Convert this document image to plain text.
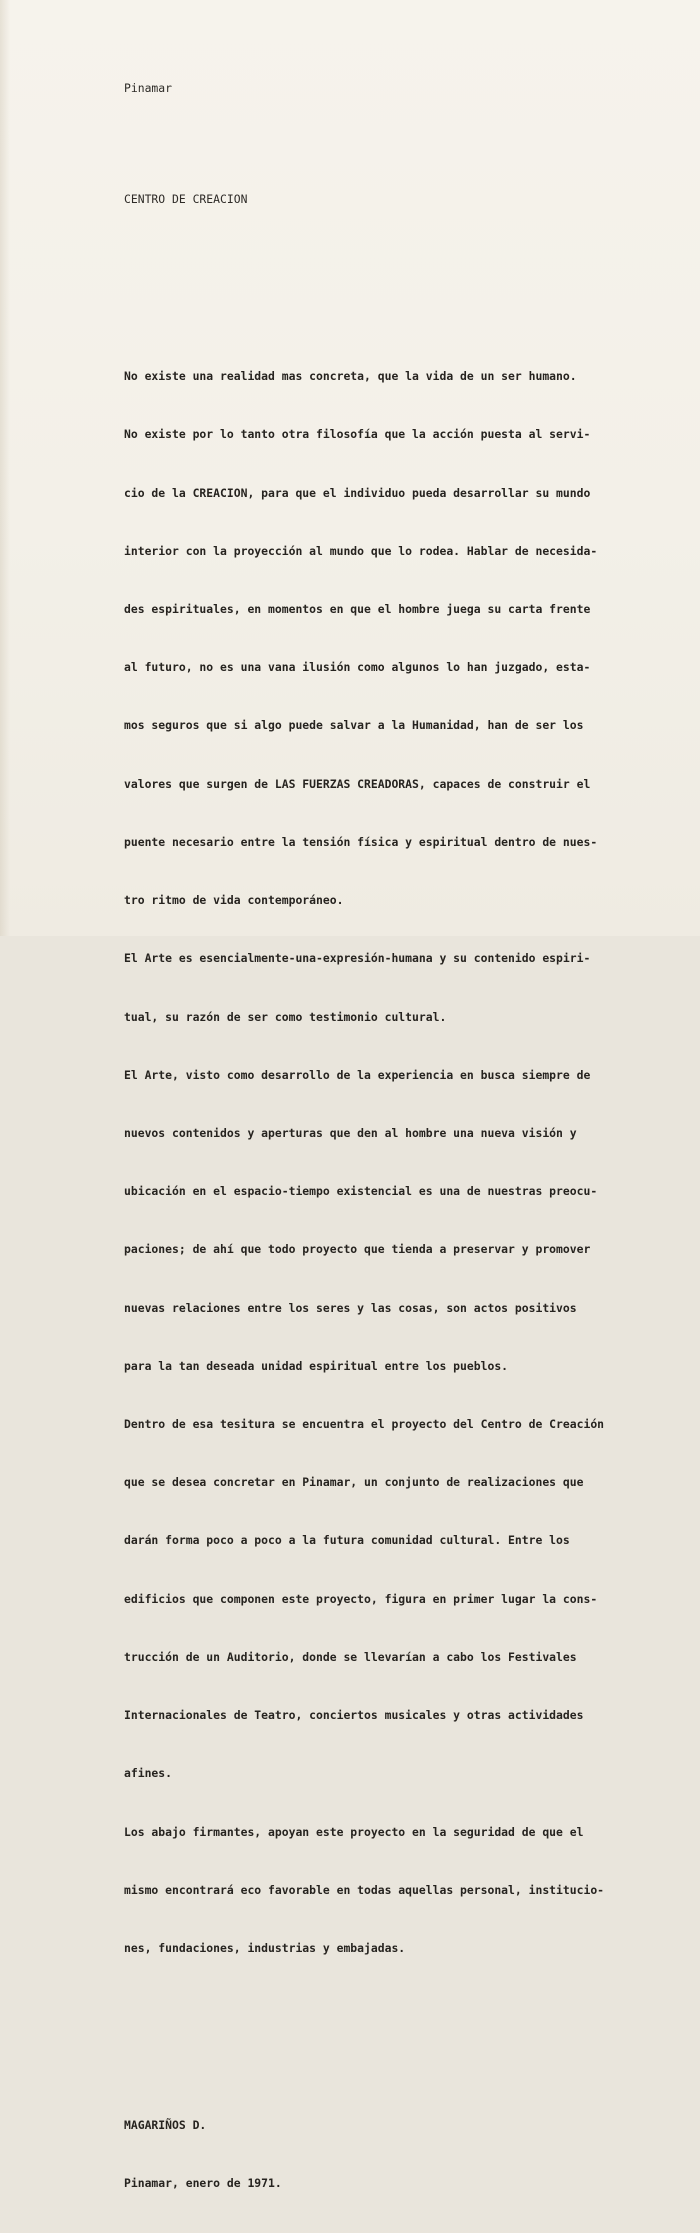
Pinamar

CENTRO DE CREACION

No existe una realidad mas concreta, que la vida de un ser humano.

No existe por lo tanto otra filosofía que la acción puesta al servi-

cio de la CREACION, para que el individuo pueda desarrollar su mundo

interior con la proyección al mundo que lo rodea. Hablar de necesida-

des espirituales, en momentos en que el hombre juega su carta frente

al futuro, no es una vana ilusión como algunos lo han juzgado, esta-

mos seguros que si algo puede salvar a la Humanidad, han de ser los

valores que surgen de LAS FUERZAS CREADORAS, capaces de construir el

puente necesario entre la tensión física y espiritual dentro de nues-

tro ritmo de vida contemporáneo.

El Arte es esencialmente-una-expresión-humana y su contenido espiri-

tual, su razón de ser como testimonio cultural.

El Arte, visto como desarrollo de la experiencia en busca siempre de

nuevos contenidos y aperturas que den al hombre una nueva visión y

ubicación en el espacio-tiempo existencial es una de nuestras preocu-

paciones; de ahí que todo proyecto que tienda a preservar y promover

nuevas relaciones entre los seres y las cosas, son actos positivos

para la tan deseada unidad espiritual entre los pueblos.

Dentro de esa tesitura se encuentra el proyecto del Centro de Creación

que se desea concretar en Pinamar, un conjunto de realizaciones que

darán forma poco a poco a la futura comunidad cultural. Entre los

edificios que componen este proyecto, figura en primer lugar la cons-

trucción de un Auditorio, donde se llevarían a cabo los Festivales

Internacionales de Teatro, conciertos musicales y otras actividades

afines.

Los abajo firmantes, apoyan este proyecto en la seguridad de que el

mismo encontrará eco favorable en todas aquellas personal, institucio-

nes, fundaciones, industrias y embajadas.

MAGARIÑOS D.

Pinamar, enero de 1971.
